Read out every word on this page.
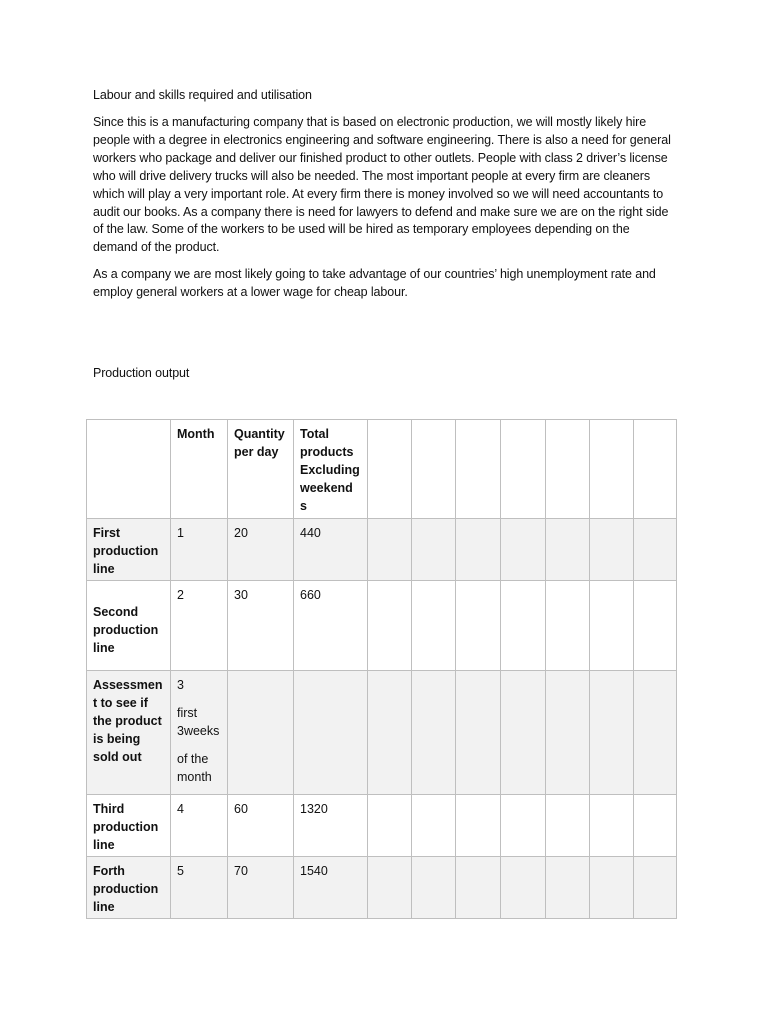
Labour and skills required and utilisation

Since this is a manufacturing company that is based on electronic production, we will mostly likely hire people with a degree in electronics engineering and software engineering. There is also a need for general workers who package and deliver our finished product to other outlets. People with class 2 driver’s license who will drive delivery trucks will also be needed. The most important people at every firm are cleaners which will play a very important role. At every firm there is money involved so we will need accountants to audit our books. As a company there is need for lawyers to defend and make sure we are on the right side of the law. Some of the workers to be used will be hired as temporary employees depending on the demand of the product.

As a company we are most likely going to take advantage of our countries’ high unemployment rate and employ general workers at a lower wage for cheap labour.

Production output
	Month	Quantity per day	Total products Excluding weekend s							
First production line	1	20	440							

Second production line	2	30	660							
Assessmen t to see if the product is being sold out	3
first 3weeks
of the month									

Third production line	4	60	1320							
Forth production line	5	70	1540							
